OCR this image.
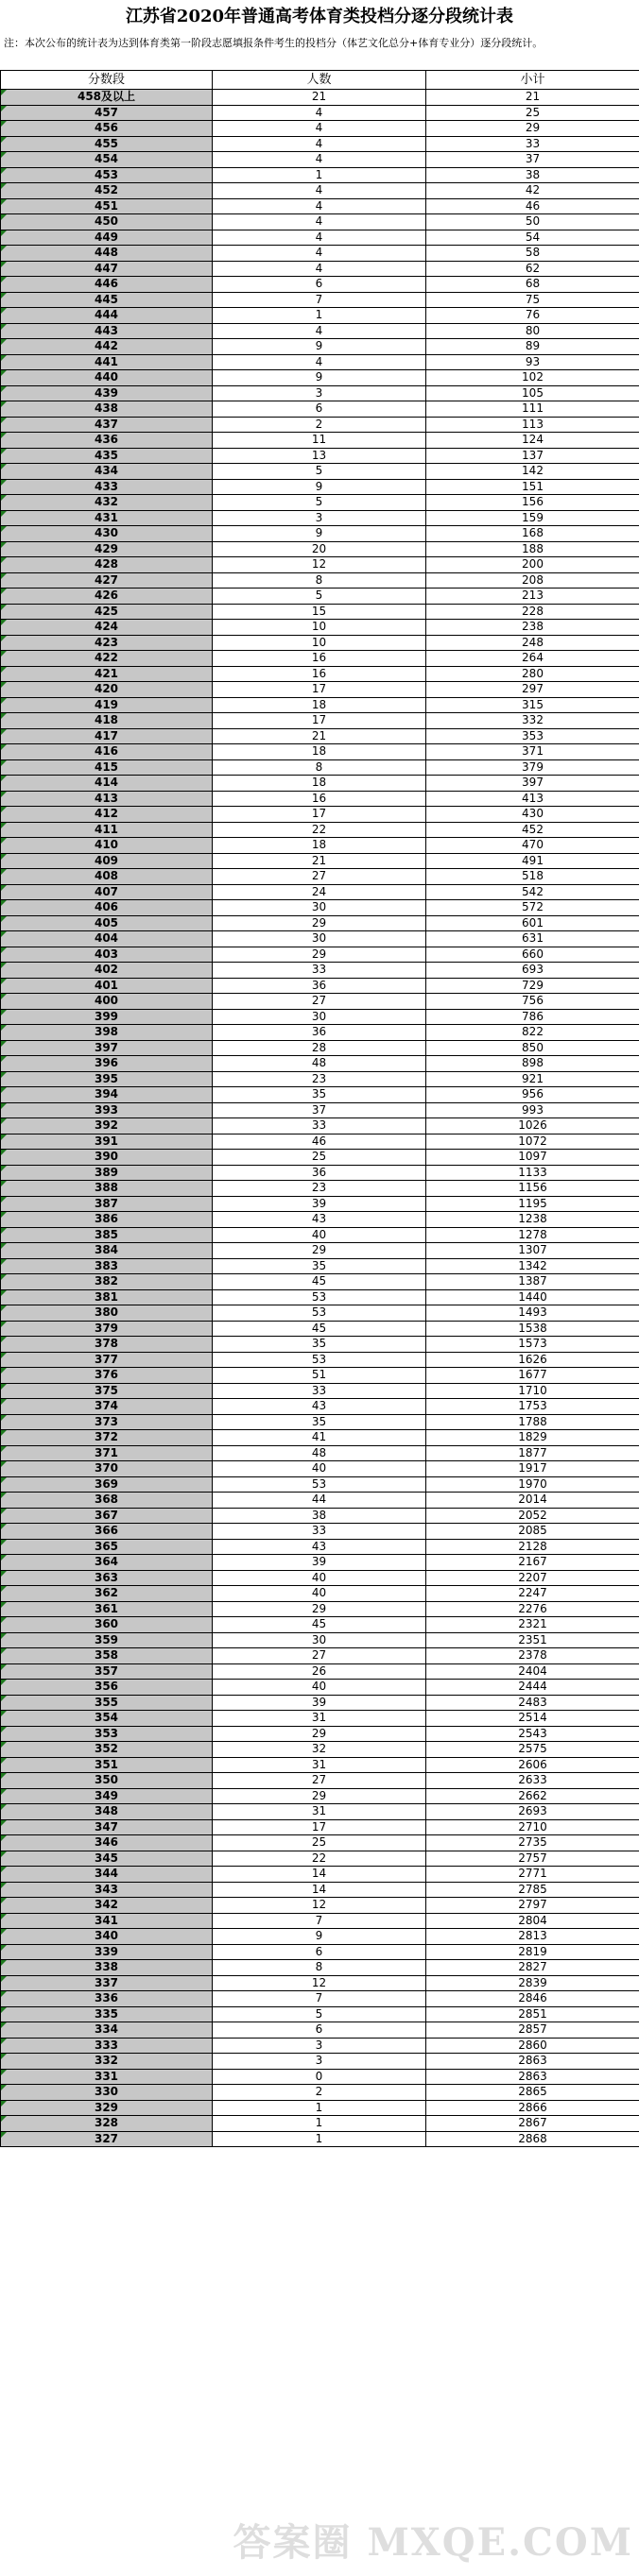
江苏省2020年普通高考体育类投档分逐分段统计表
注：本次公布的统计表为达到体育类第一阶段志愿填报条件考生的投档分（体艺文化总分+体育专业分）逐分段统计。
分数段	人数	小计
458及以上	21	21
457	4	25
456	4	29
455	4	33
454	4	37
453	1	38
452	4	42
451	4	46
450	4	50
449	4	54
448	4	58
447	4	62
446	6	68
445	7	75
444	1	76
443	4	80
442	9	89
441	4	93
440	9	102
439	3	105
438	6	111
437	2	113
436	11	124
435	13	137
434	5	142
433	9	151
432	5	156
431	3	159
430	9	168
429	20	188
428	12	200
427	8	208
426	5	213
425	15	228
424	10	238
423	10	248
422	16	264
421	16	280
420	17	297
419	18	315
418	17	332
417	21	353
416	18	371
415	8	379
414	18	397
413	16	413
412	17	430
411	22	452
410	18	470
409	21	491
408	27	518
407	24	542
406	30	572
405	29	601
404	30	631
403	29	660
402	33	693
401	36	729
400	27	756
399	30	786
398	36	822
397	28	850
396	48	898
395	23	921
394	35	956
393	37	993
392	33	1026
391	46	1072
390	25	1097
389	36	1133
388	23	1156
387	39	1195
386	43	1238
385	40	1278
384	29	1307
383	35	1342
382	45	1387
381	53	1440
380	53	1493
379	45	1538
378	35	1573
377	53	1626
376	51	1677
375	33	1710
374	43	1753
373	35	1788
372	41	1829
371	48	1877
370	40	1917
369	53	1970
368	44	2014
367	38	2052
366	33	2085
365	43	2128
364	39	2167
363	40	2207
362	40	2247
361	29	2276
360	45	2321
359	30	2351
358	27	2378
357	26	2404
356	40	2444
355	39	2483
354	31	2514
353	29	2543
352	32	2575
351	31	2606
350	27	2633
349	29	2662
348	31	2693
347	17	2710
346	25	2735
345	22	2757
344	14	2771
343	14	2785
342	12	2797
341	7	2804
340	9	2813
339	6	2819
338	8	2827
337	12	2839
336	7	2846
335	5	2851
334	6	2857
333	3	2860
332	3	2863
331	0	2863
330	2	2865
329	1	2866
328	1	2867
327	1	2868
答案圈 MXQE.COM
